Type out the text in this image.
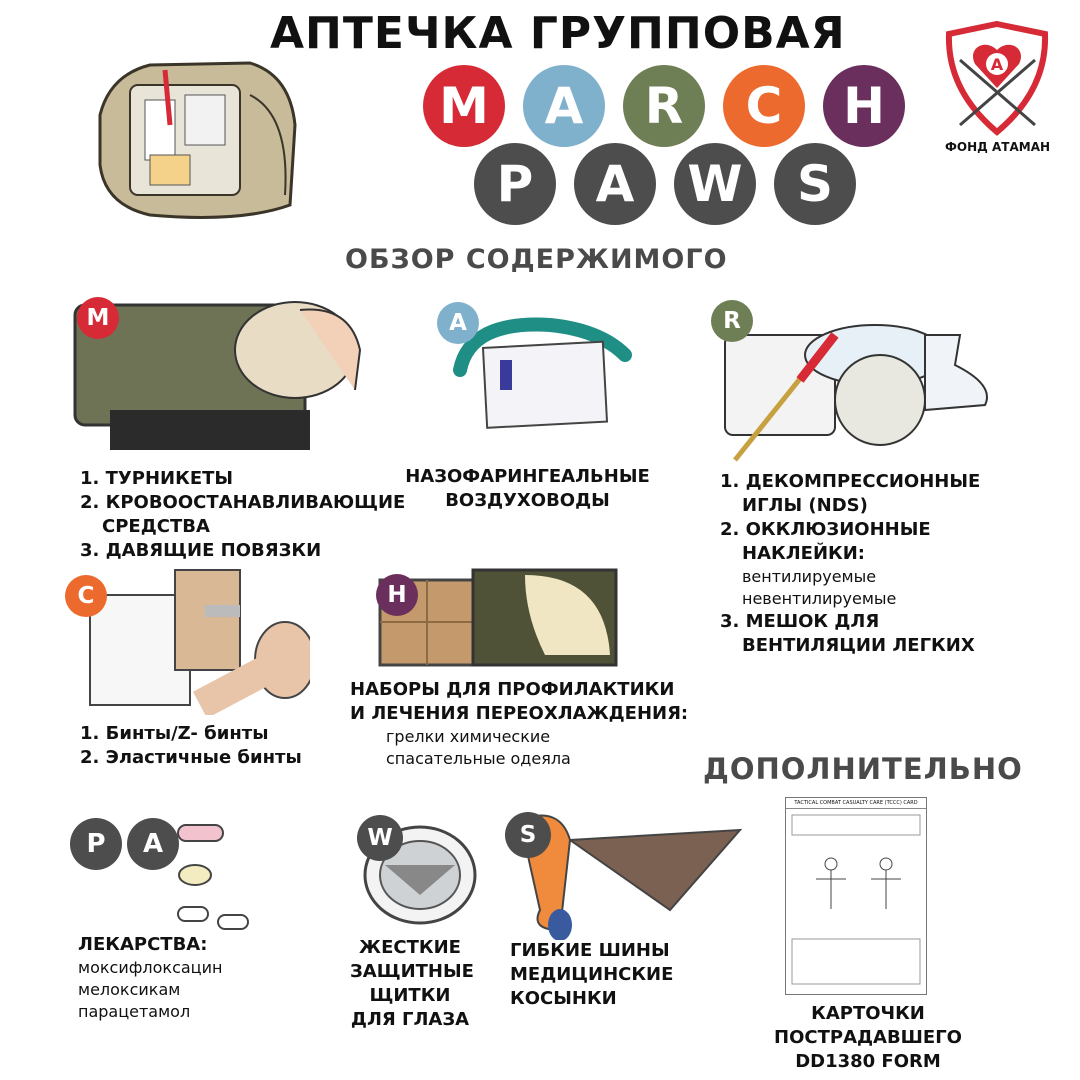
АПТЕЧКА ГРУППОВАЯ
M A R C H
P A W S
А
ФОНД АТАМАН
ОБЗОР СОДЕРЖИМОГО
M
1. ТУРНИКЕТЫ
2. КРОВООСТАНАВЛИВАЮЩИЕ
СРЕДСТВА
3. ДАВЯЩИЕ ПОВЯЗКИ
A
НАЗОФАРИНГЕАЛЬНЫЕ
ВОЗДУХОВОДЫ
R
1. ДЕКОМПРЕССИОННЫЕ
ИГЛЫ (NDS)
2. ОККЛЮЗИОННЫЕ
НАКЛЕЙКИ:
вентилируемые
невентилируемые
3. МЕШОК ДЛЯ
ВЕНТИЛЯЦИИ ЛЕГКИХ
C
1. Бинты/Z- бинты
2. Эластичные бинты
H
НАБОРЫ ДЛЯ ПРОФИЛАКТИКИ
И ЛЕЧЕНИЯ ПЕРЕОХЛАЖДЕНИЯ:
грелки химические
спасательные одеяла	ДОПОЛНИТЕЛЬНО
P	A
ЛЕКАРСТВА:
моксифлоксацин
мелоксикам
парацетамол
W
ЖЕСТКИЕ
ЗАЩИТНЫЕ
ЩИТКИ
ДЛЯ ГЛАЗА
S
ГИБКИЕ ШИНЫ
МЕДИЦИНСКИЕ
КОСЫНКИ
TACTICAL COMBAT CASUALTY CARE (TCCC) CARD
КАРТОЧКИ
ПОСТРАДАВШЕГО
DD1380 FORM
